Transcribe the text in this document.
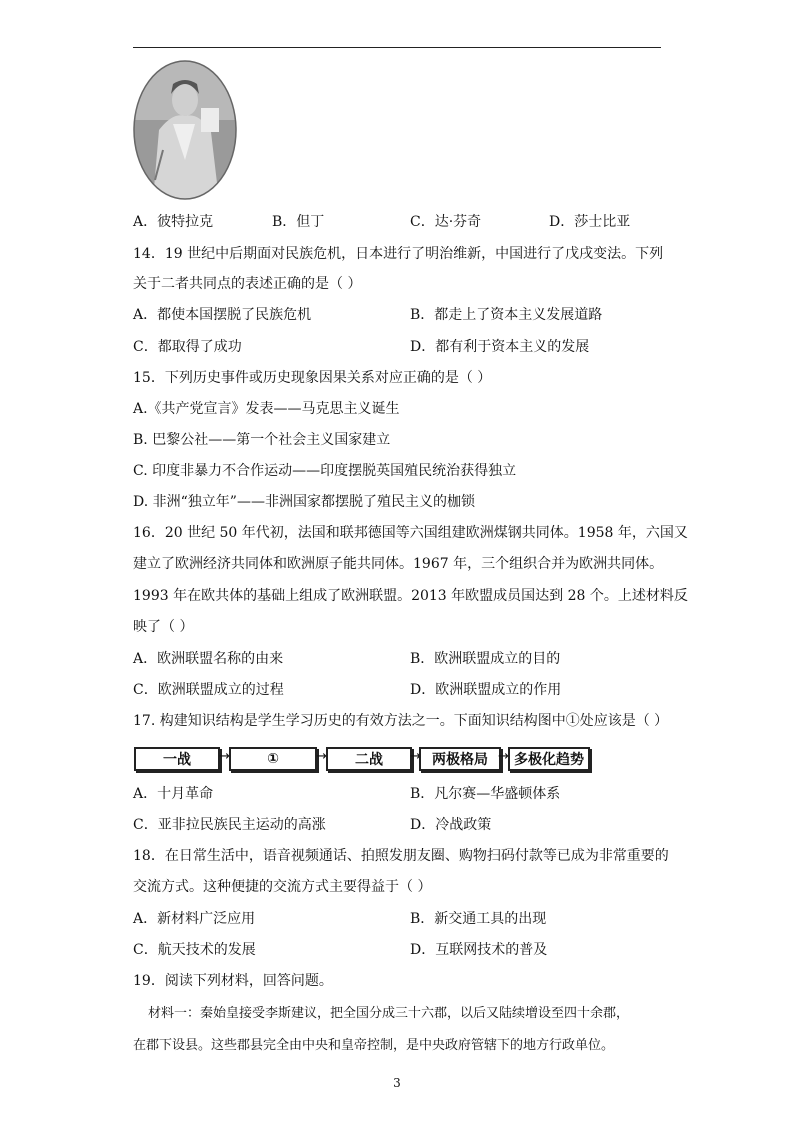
A．彼特拉克	B．但丁	C．达·芬奇	D．莎士比亚
14．19 世纪中后期面对民族危机，日本进行了明治维新，中国进行了戊戌变法。下列
关于二者共同点的表述正确的是（ ）
A．都使本国摆脱了民族危机	B．都走上了资本主义发展道路
C．都取得了成功	D．都有利于资本主义的发展
15．下列历史事件或历史现象因果关系对应正确的是（ ）
A.《共产党宣言》发表——马克思主义诞生
B. 巴黎公社——第一个社会主义国家建立
C. 印度非暴力不合作运动——印度摆脱英国殖民统治获得独立
D. 非洲“独立年”——非洲国家都摆脱了殖民主义的枷锁
16．20 世纪 50 年代初，法国和联邦德国等六国组建欧洲煤钢共同体。1958 年，六国又
建立了欧洲经济共同体和欧洲原子能共同体。1967 年，三个组织合并为欧洲共同体。
1993 年在欧共体的基础上组成了欧洲联盟。2013 年欧盟成员国达到 28 个。上述材料反
映了（ ）
A．欧洲联盟名称的由来	B．欧洲联盟成立的目的
C．欧洲联盟成立的过程	D．欧洲联盟成立的作用
17. 构建知识结构是学生学习历史的有效方法之一。下面知识结构图中①处应该是（ ）
一战	→	①	→	二战	→ 两极格局 → 多极化趋势
A．十月革命	B．凡尔赛—华盛顿体系
C．亚非拉民族民主运动的高涨	D．冷战政策
18．在日常生活中，语音视频通话、拍照发朋友圈、购物扫码付款等已成为非常重要的
交流方式。这种便捷的交流方式主要得益于（ ）
A．新材料广泛应用	B．新交通工具的出现
C．航天技术的发展	D．互联网技术的普及
19．阅读下列材料，回答问题。
材料一：秦始皇接受李斯建议，把全国分成三十六郡，以后又陆续增设至四十余郡，
在郡下设县。这些郡县完全由中央和皇帝控制，是中央政府管辖下的地方行政单位。
3
